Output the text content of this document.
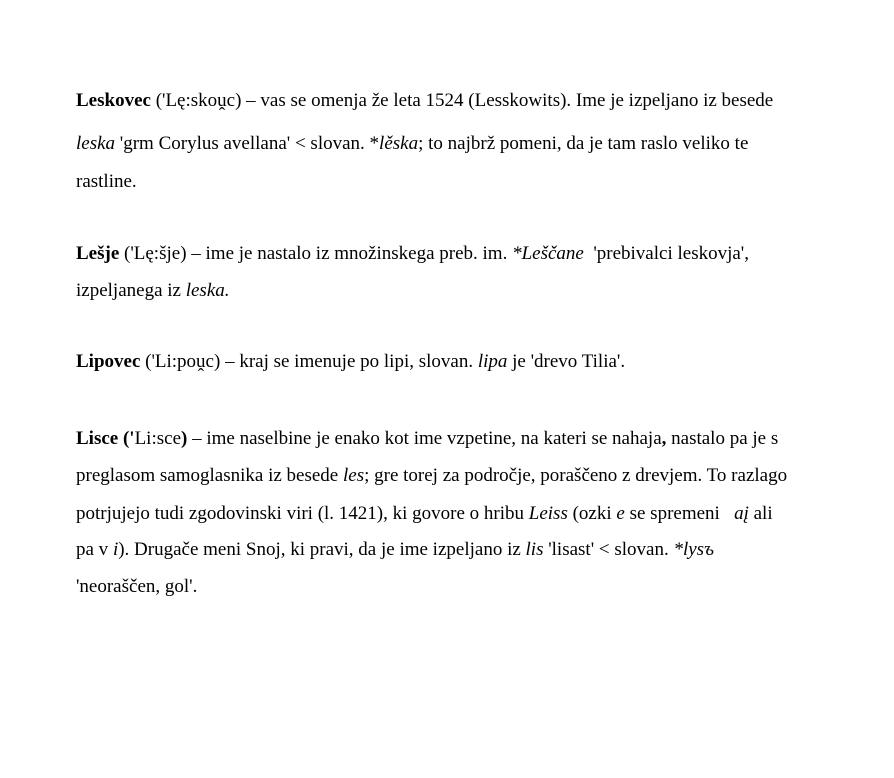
Leskovec ('Lę:skoṷc) – vas se omenja že leta 1524 (Lesskowits). Ime je izpeljano iz besede
leska 'grm Corylus avellana' < slovan. *lěska; to najbrž pomeni, da je tam raslo veliko te
rastline.
Lešje ('Lę:šje) – ime je nastalo iz množinskega preb. im. *Leščane  'prebivalci leskovja',
izpeljanega iz leska.
Lipovec ('Li:poṷc) – kraj se imenuje po lipi, slovan. lipa je 'drevo Tilia'.
Lisce ('Li:sce) – ime naselbine je enako kot ime vzpetine, na kateri se nahaja, nastalo pa je s
preglasom samoglasnika iz besede les; gre torej za področje, poraščeno z drevjem. To razlago
potrjujejo tudi zgodovinski viri (l. 1421), ki govore o hribu Leiss (ozki e se spremeni   aį ali
pa v i). Drugače meni Snoj, ki pravi, da je ime izpeljano iz lis 'lisast' < slovan. *lysъ
'neoraščen, gol'.
